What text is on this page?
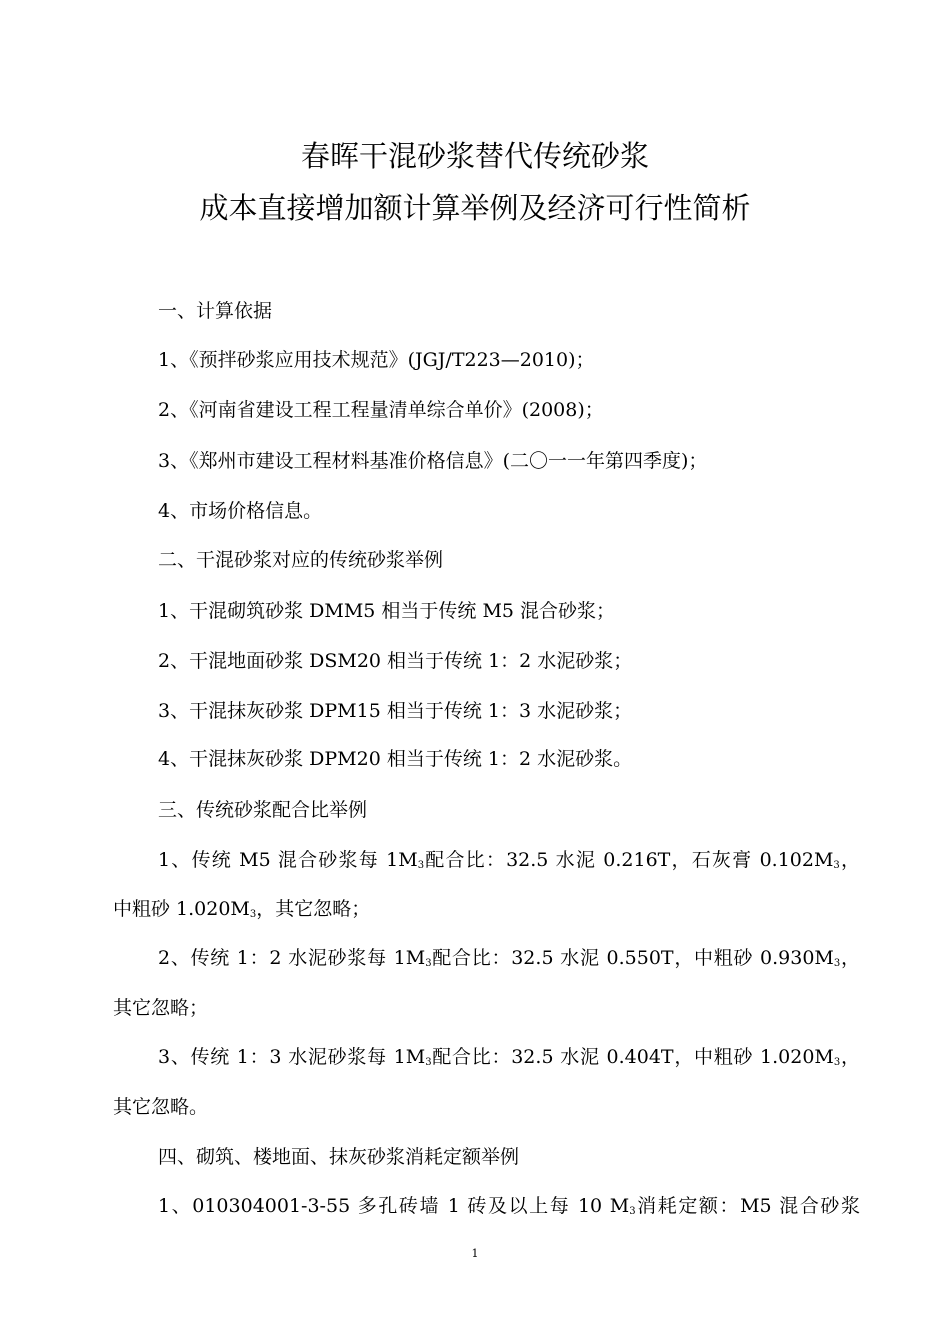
春晖干混砂浆替代传统砂浆
成本直接增加额计算举例及经济可行性简析
一、计算依据
1、《预拌砂浆应用技术规范》(JGJ/T223—2010)；
2、《河南省建设工程工程量清单综合单价》(2008)；
3、《郑州市建设工程材料基准价格信息》(二〇一一年第四季度)；
4、市场价格信息。
二、干混砂浆对应的传统砂浆举例
1、干混砌筑砂浆 DMM5 相当于传统 M5 混合砂浆；
2、干混地面砂浆 DSM20 相当于传统 1：2 水泥砂浆；
3、干混抹灰砂浆 DPM15 相当于传统 1：3 水泥砂浆；
4、干混抹灰砂浆 DPM20 相当于传统 1：2 水泥砂浆。
三、传统砂浆配合比举例
1、传统 M5 混合砂浆每 $1M_3$配合比：32.5 水泥 0.216T，石灰膏 $0.102M_3$，
中粗砂 $1.020M_3$，其它忽略；
2、传统 1：2 水泥砂浆每 $1M_3$配合比：32.5 水泥 0.550T，中粗砂 $0.930M_3$，
其它忽略；
3、传统 1：3 水泥砂浆每 $1M_3$配合比：32.5 水泥 0.404T，中粗砂 $1.020M_3$，
其它忽略。
四、砌筑、楼地面、抹灰砂浆消耗定额举例
1、010304001-3-55 多孔砖墙 1 砖及以上每 10 $M_3$消耗定额：M5 混合砂浆
1
